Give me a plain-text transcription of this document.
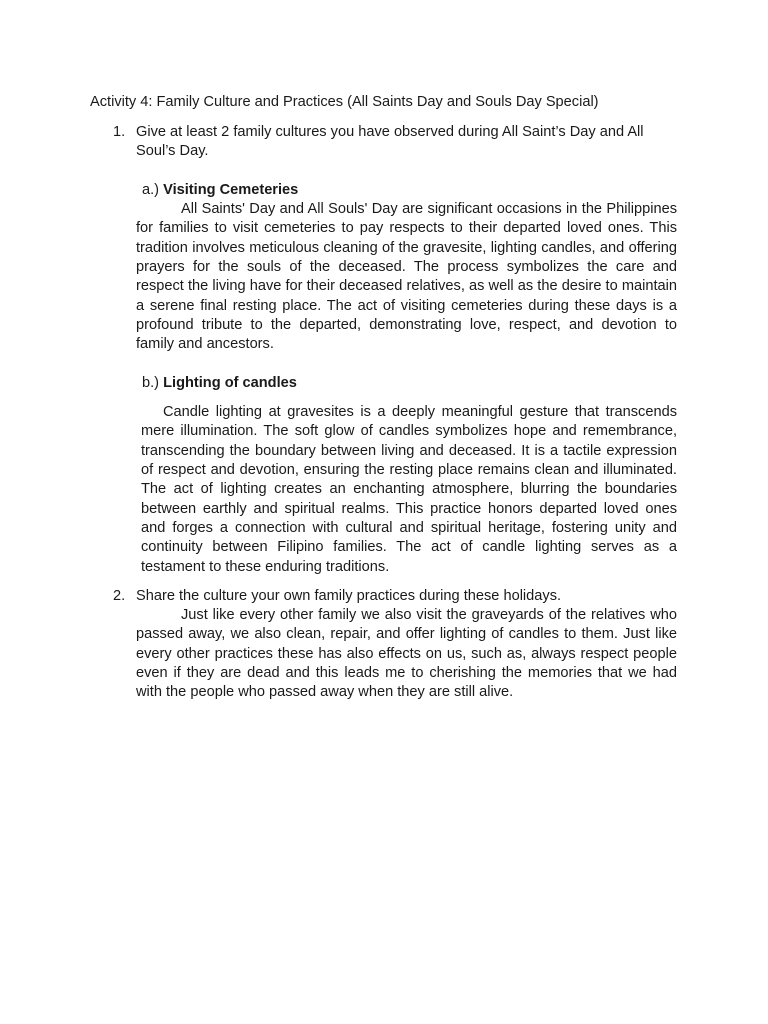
Activity 4: Family Culture and Practices (All Saints Day and Souls Day Special)
1. Give at least 2 family cultures you have observed during All Saint’s Day and All Soul’s Day.
a.) Visiting Cemeteries
All Saints' Day and All Souls' Day are significant occasions in the Philippines for families to visit cemeteries to pay respects to their departed loved ones. This tradition involves meticulous cleaning of the gravesite, lighting candles, and offering prayers for the souls of the deceased. The process symbolizes the care and respect the living have for their deceased relatives, as well as the desire to maintain a serene final resting place. The act of visiting cemeteries during these days is a profound tribute to the departed, demonstrating love, respect, and devotion to family and ancestors.
b.) Lighting of candles
Candle lighting at gravesites is a deeply meaningful gesture that transcends mere illumination. The soft glow of candles symbolizes hope and remembrance, transcending the boundary between living and deceased. It is a tactile expression of respect and devotion, ensuring the resting place remains clean and illuminated. The act of lighting creates an enchanting atmosphere, blurring the boundaries between earthly and spiritual realms. This practice honors departed loved ones and forges a connection with cultural and spiritual heritage, fostering unity and continuity between Filipino families. The act of candle lighting serves as a testament to these enduring traditions.
2. Share the culture your own family practices during these holidays.
Just like every other family we also visit the graveyards of the relatives who passed away, we also clean, repair, and offer lighting of candles to them. Just like every other practices these has also effects on us, such as, always respect people even if they are dead and this leads me to cherishing the memories that we had with the people who passed away when they are still alive.
